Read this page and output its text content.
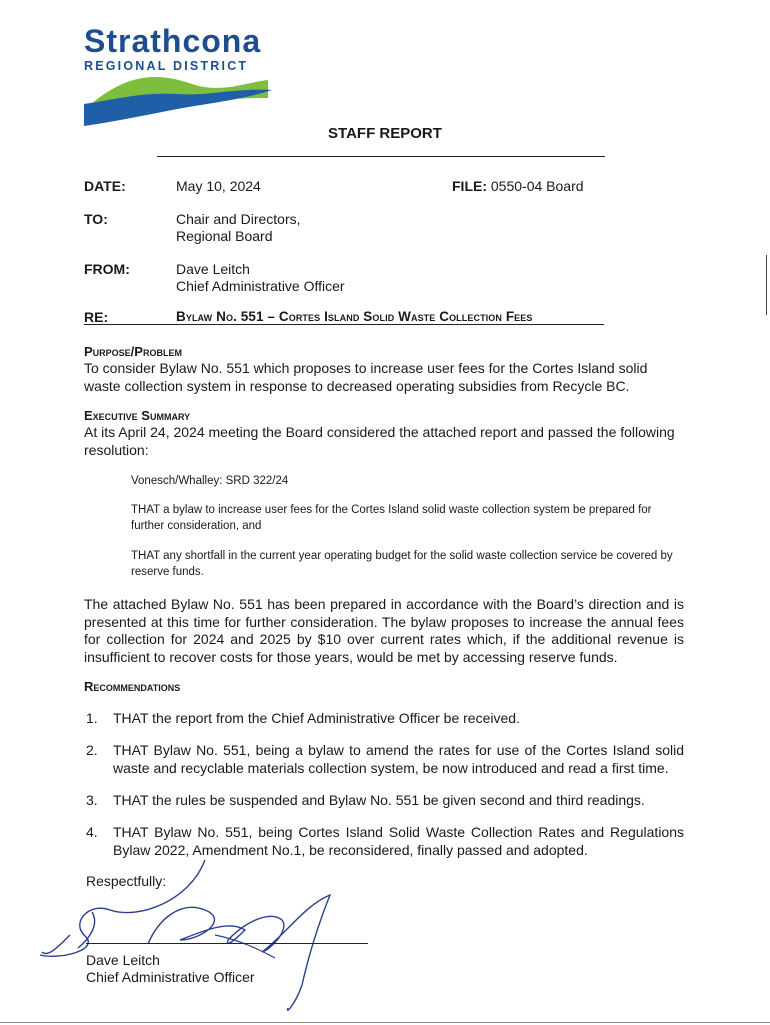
Strathcona
REGIONAL DISTRICT
STAFF REPORT
DATE:	May 10, 2024	FILE: 0550-04 Board
TO:	Chair and Directors,
Regional Board
FROM:	Dave Leitch
Chief Administrative Officer
RE:	Bylaw No. 551 – Cortes Island Solid Waste Collection Fees
Purpose/Problem
To consider Bylaw No. 551 which proposes to increase user fees for the Cortes Island solid waste collection system in response to decreased operating subsidies from Recycle BC.
Executive Summary
At its April 24, 2024 meeting the Board considered the attached report and passed the following resolution:
Vonesch/Whalley: SRD 322/24
THAT a bylaw to increase user fees for the Cortes Island solid waste collection system be prepared for further consideration, and
THAT any shortfall in the current year operating budget for the solid waste collection service be covered by reserve funds.
The attached Bylaw No. 551 has been prepared in accordance with the Board’s direction and is presented at this time for further consideration. The bylaw proposes to increase the annual fees for collection for 2024 and 2025 by $10 over current rates which, if the additional revenue is insufficient to recover costs for those years, would be met by accessing reserve funds.
Recommendations
1. THAT the report from the Chief Administrative Officer be received.
2. THAT Bylaw No. 551, being a bylaw to amend the rates for use of the Cortes Island solid waste and recyclable materials collection system, be now introduced and read a first time.
3. THAT the rules be suspended and Bylaw No. 551 be given second and third readings.
4. THAT Bylaw No. 551, being Cortes Island Solid Waste Collection Rates and Regulations Bylaw 2022, Amendment No.1, be reconsidered, finally passed and adopted.
Respectfully:
Dave Leitch
Chief Administrative Officer
